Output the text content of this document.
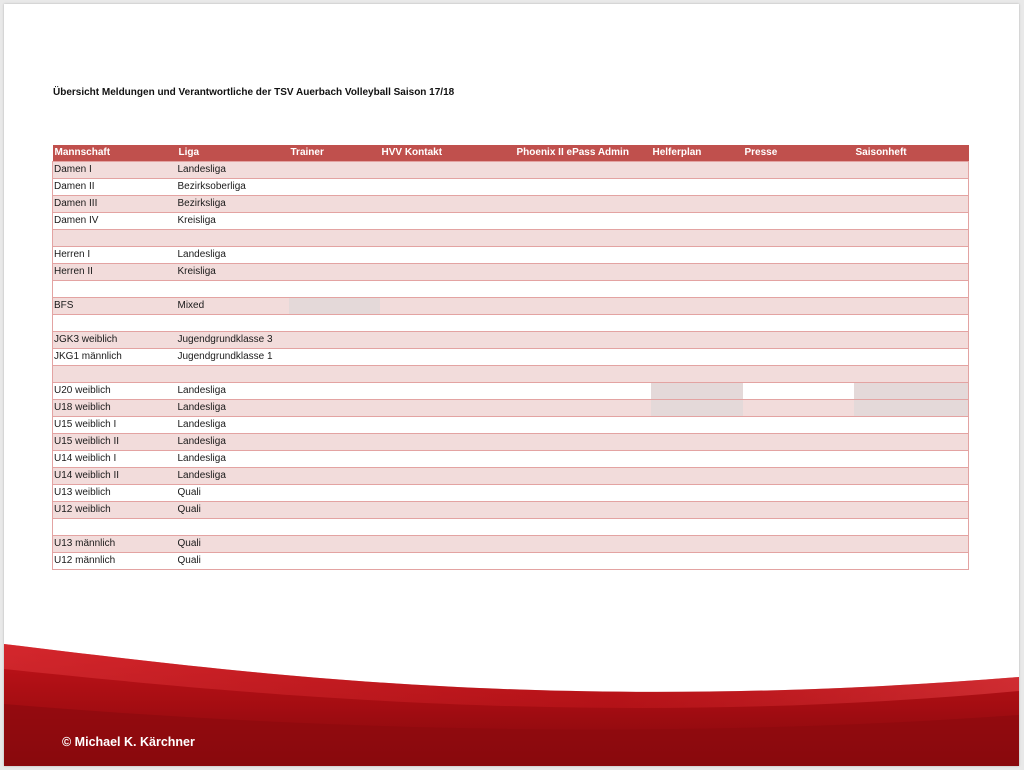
Übersicht Meldungen und Verantwortliche der TSV Auerbach Volleyball Saison 17/18
Mannschaft	Liga	Trainer	HVV Kontakt	Phoenix II ePass Admin	Helferplan	Presse	Saisonheft
Damen I	Landesliga						
Damen II	Bezirksoberliga						
Damen III	Bezirksliga						
Damen IV	Kreisliga						

Herren I	Landesliga						
Herren II	Kreisliga						

BFS	Mixed						

JGK3 weiblich	Jugendgrundklasse 3						
JKG1 männlich	Jugendgrundklasse 1						

U20 weiblich	Landesliga						
U18 weiblich	Landesliga						
U15 weiblich I	Landesliga						
U15 weiblich II	Landesliga						
U14 weiblich I	Landesliga						
U14 weiblich II	Landesliga						
U13 weiblich	Quali						
U12 weiblich	Quali						

U13 männlich	Quali						
U12 männlich	Quali						
© Michael K. Kärchner
